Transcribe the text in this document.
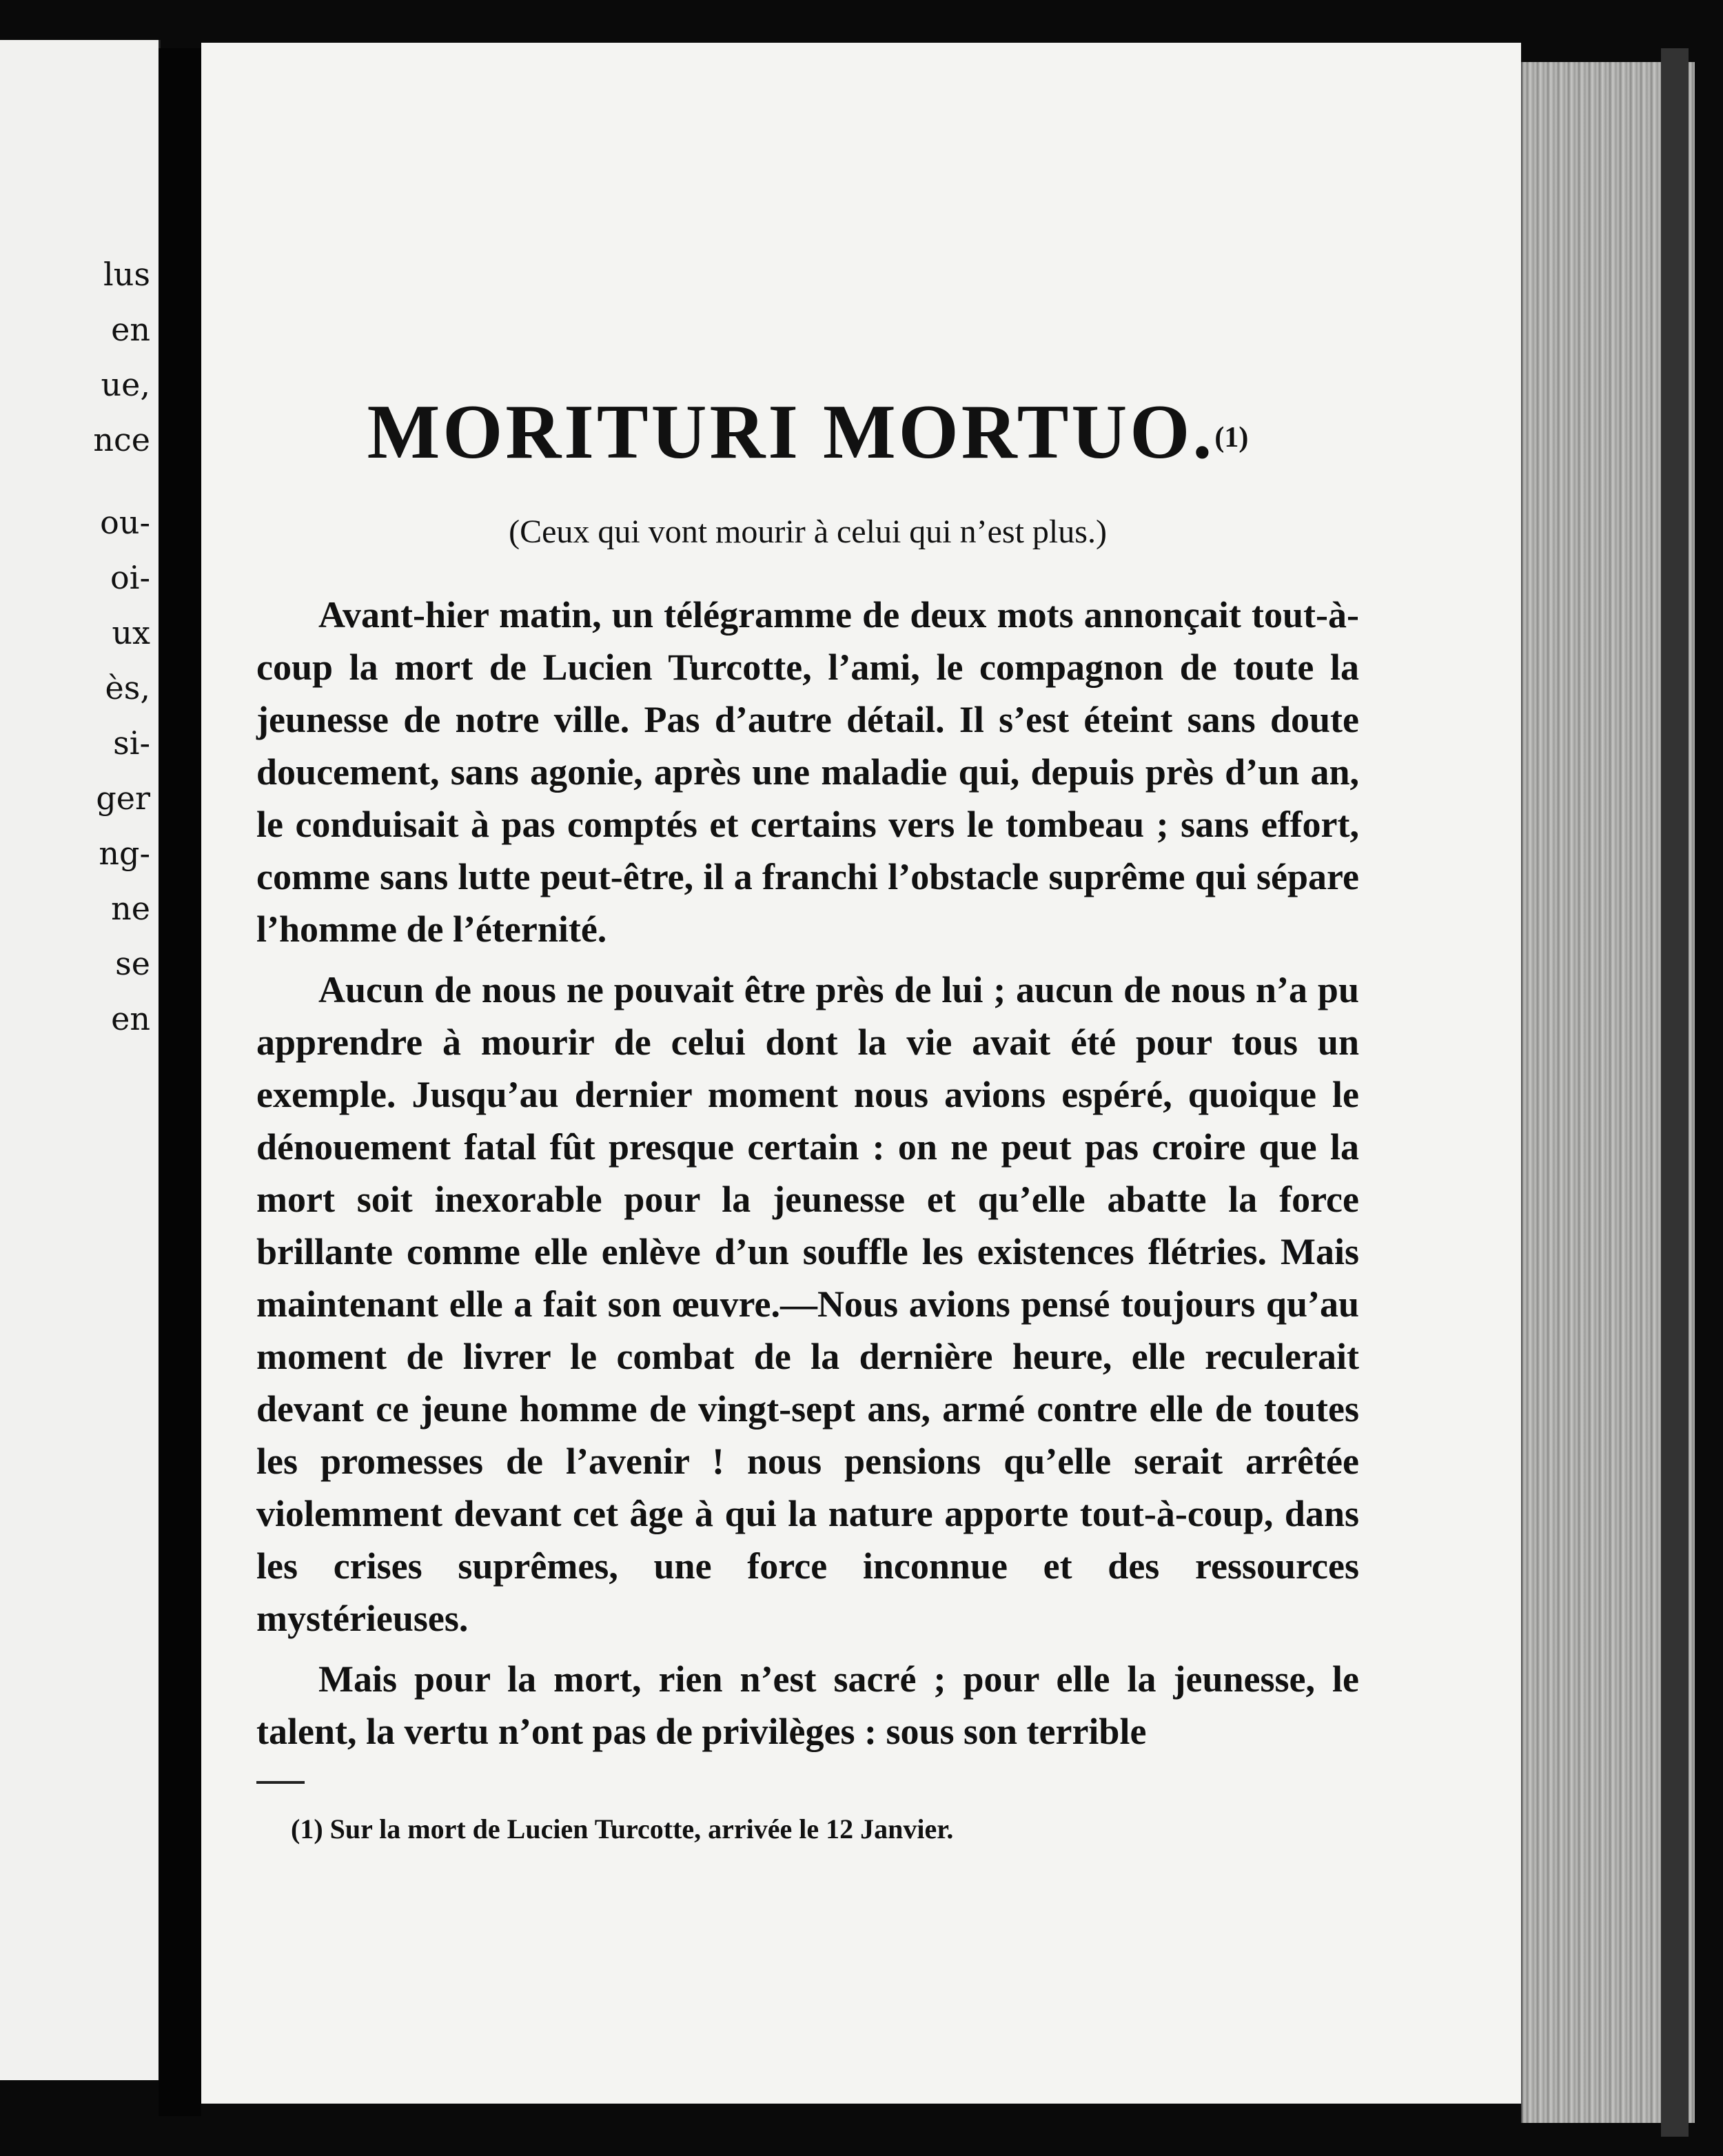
lus
en
ue,
nce
ou-
oi-
ux
ès,
si-
ger
ng-
ne
se
en
MORITURI MORTUO.$^{(1)}$

(Ceux qui vont mourir à celui qui n’est plus.)

Avant-hier matin, un télégramme de deux mots annonçait tout-à-coup la mort de Lucien Turcotte, l’ami, le compagnon de toute la jeunesse de notre ville. Pas d’autre détail. Il s’est éteint sans doute doucement, sans agonie, après une maladie qui, depuis près d’un an, le conduisait à pas comptés et certains vers le tombeau ; sans effort, comme sans lutte peut-être, il a franchi l’obstacle suprême qui sépare l’homme de l’éternité.

Aucun de nous ne pouvait être près de lui ; aucun de nous n’a pu apprendre à mourir de celui dont la vie avait été pour tous un exemple. Jusqu’au dernier moment nous avions espéré, quoique le dénouement fatal fût presque certain : on ne peut pas croire que la mort soit inexorable pour la jeunesse et qu’elle abatte la force brillante comme elle enlève d’un souffle les existences flétries. Mais maintenant elle a fait son œuvre.—Nous avions pensé toujours qu’au moment de livrer le combat de la dernière heure, elle reculerait devant ce jeune homme de vingt-sept ans, armé contre elle de toutes les promesses de l’avenir ! nous pensions qu’elle serait arrêtée violemment devant cet âge à qui la nature apporte tout-à-coup, dans les crises suprêmes, une force inconnue et des ressources mystérieuses.

Mais pour la mort, rien n’est sacré ; pour elle la jeunesse, le talent, la vertu n’ont pas de privilèges : sous son terrible

(1) Sur la mort de Lucien Turcotte, arrivée le 12 Janvier.
